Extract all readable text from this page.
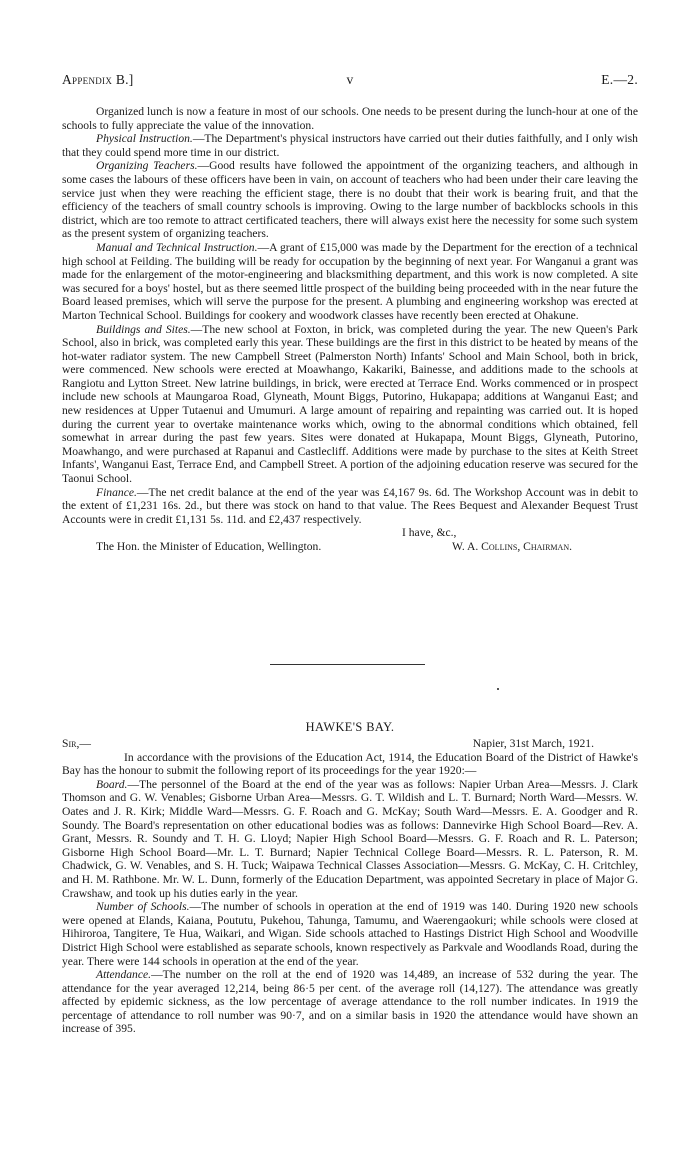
Appendix B.]	v	E.—2.

Organized lunch is now a feature in most of our schools. One needs to be present during the lunch-hour at one of the schools to fully appreciate the value of the innovation.

Physical Instruction.—The Department's physical instructors have carried out their duties faithfully, and I only wish that they could spend more time in our district.

Organizing Teachers.—Good results have followed the appointment of the organizing teachers, and although in some cases the labours of these officers have been in vain, on account of teachers who had been under their care leaving the service just when they were reaching the efficient stage, there is no doubt that their work is bearing fruit, and that the efficiency of the teachers of small country schools is improving. Owing to the large number of backblocks schools in this district, which are too remote to attract certificated teachers, there will always exist here the necessity for some such system as the present system of organizing teachers.

Manual and Technical Instruction.—A grant of £15,000 was made by the Department for the erection of a technical high school at Feilding. The building will be ready for occupation by the beginning of next year. For Wanganui a grant was made for the enlargement of the motor-engineering and blacksmithing department, and this work is now completed. A site was secured for a boys' hostel, but as there seemed little prospect of the building being proceeded with in the near future the Board leased premises, which will serve the purpose for the present. A plumbing and engineering workshop was erected at Marton Technical School. Buildings for cookery and woodwork classes have recently been erected at Ohakune.

Buildings and Sites.—The new school at Foxton, in brick, was completed during the year. The new Queen's Park School, also in brick, was completed early this year. These buildings are the first in this district to be heated by means of the hot-water radiator system. The new Campbell Street (Palmerston North) Infants' School and Main School, both in brick, were commenced. New schools were erected at Moawhango, Kakariki, Bainesse, and additions made to the schools at Rangiotu and Lytton Street. New latrine buildings, in brick, were erected at Terrace End. Works commenced or in prospect include new schools at Maungaroa Road, Glyneath, Mount Biggs, Putorino, Hukapapa; additions at Wanganui East; and new residences at Upper Tutaenui and Umumuri. A large amount of repairing and repainting was carried out. It is hoped during the current year to overtake maintenance works which, owing to the abnormal conditions which obtained, fell somewhat in arrear during the past few years. Sites were donated at Hukapapa, Mount Biggs, Glyneath, Putorino, Moawhango, and were purchased at Rapanui and Castlecliff. Additions were made by purchase to the sites at Keith Street Infants', Wanganui East, Terrace End, and Campbell Street. A portion of the adjoining education reserve was secured for the Taonui School.

Finance.—The net credit balance at the end of the year was £4,167 9s. 6d. The Workshop Account was in debit to the extent of £1,231 16s. 2d., but there was stock on hand to that value. The Rees Bequest and Alexander Bequest Trust Accounts were in credit £1,131 5s. 11d. and £2,437 respectively.

I have, &c.,

The Hon. the Minister of Education, Wellington.	W. A. Collins, Chairman.

HAWKE'S BAY.

Sir,—	Napier, 31st March, 1921.

In accordance with the provisions of the Education Act, 1914, the Education Board of the District of Hawke's Bay has the honour to submit the following report of its proceedings for the year 1920:—

Board.—The personnel of the Board at the end of the year was as follows: Napier Urban Area—Messrs. J. Clark Thomson and G. W. Venables; Gisborne Urban Area—Messrs. G. T. Wildish and L. T. Burnard; North Ward—Messrs. W. Oates and J. R. Kirk; Middle Ward—Messrs. G. F. Roach and G. McKay; South Ward—Messrs. E. A. Goodger and R. Soundy. The Board's representation on other educational bodies was as follows: Dannevirke High School Board—Rev. A. Grant, Messrs. R. Soundy and T. H. G. Lloyd; Napier High School Board—Messrs. G. F. Roach and R. L. Paterson; Gisborne High School Board—Mr. L. T. Burnard; Napier Technical College Board—Messrs. R. L. Paterson, R. M. Chadwick, G. W. Venables, and S. H. Tuck; Waipawa Technical Classes Association—Messrs. G. McKay, C. H. Critchley, and H. M. Rathbone. Mr. W. L. Dunn, formerly of the Education Department, was appointed Secretary in place of Major G. Crawshaw, and took up his duties early in the year.

Number of Schools.—The number of schools in operation at the end of 1919 was 140. During 1920 new schools were opened at Elands, Kaiana, Poututu, Pukehou, Tahunga, Tamumu, and Waerengaokuri; while schools were closed at Hihiroroa, Tangitere, Te Hua, Waikari, and Wigan. Side schools attached to Hastings District High School and Woodville District High School were established as separate schools, known respectively as Parkvale and Woodlands Road, during the year. There were 144 schools in operation at the end of the year.

Attendance.—The number on the roll at the end of 1920 was 14,489, an increase of 532 during the year. The attendance for the year averaged 12,214, being 86·5 per cent. of the average roll (14,127). The attendance was greatly affected by epidemic sickness, as the low percentage of average attendance to the roll number indicates. In 1919 the percentage of attendance to roll number was 90·7, and on a similar basis in 1920 the attendance would have shown an increase of 395.
